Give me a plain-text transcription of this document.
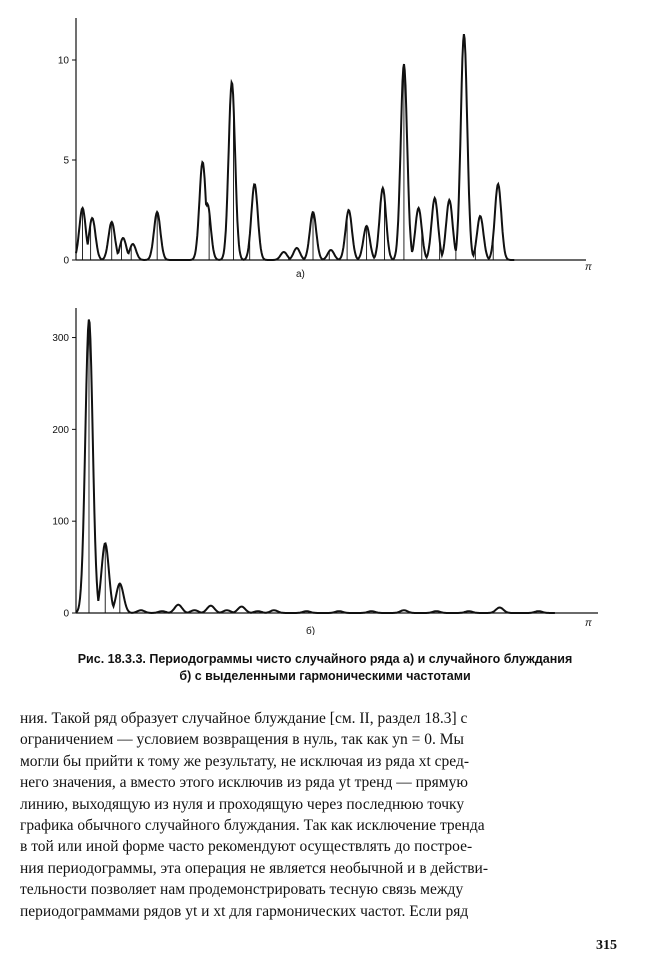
0
5
10
π
а)
0
100
200
300
π
б)
Рис. 18.3.3. Периодограммы чисто случайного ряда а) и случайного блуждания
б) с выделенными гармоническими частотами
ния. Такой ряд образует случайное блуждание [см. II, раздел 18.3] с
ограничением — условием возвращения в нуль, так как yn = 0. Мы
могли бы прийти к тому же результату, не исключая из ряда xt сред-
него значения, а вместо этого исключив из ряда yt тренд — прямую
линию, выходящую из нуля и проходящую через последнюю точку
графика обычного случайного блуждания. Так как исключение тренда
в той или иной форме часто рекомендуют осуществлять до построе-
ния периодограммы, эта операция не является необычной и в действи-
тельности позволяет нам продемонстрировать тесную связь между
периодограммами рядов yt и xt для гармонических частот. Если ряд
315
